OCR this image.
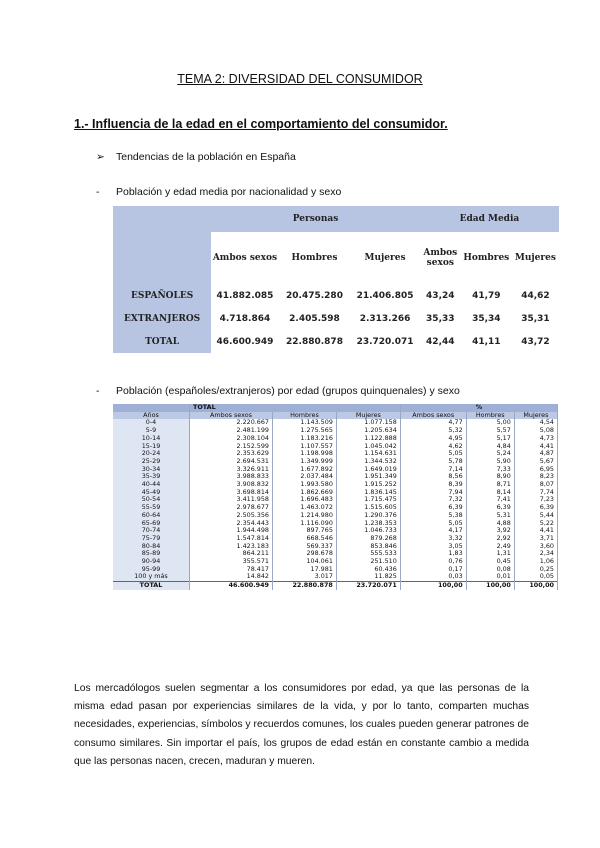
TEMA 2: DIVERSIDAD DEL CONSUMIDOR
1.- Influencia de la edad en el comportamiento del consumidor.
➢ Tendencias de la población en España
- Población y edad media por nacionalidad y sexo
	Personas			Edad Media		
	Ambos sexos	Hombres	Mujeres	Ambos sexos	Hombres	Mujeres
ESPAÑOLES	41.882.085	20.475.280	21.406.805	43,24	41,79	44,62
EXTRANJEROS	4.718.864	2.405.598	2.313.266	35,33	35,34	35,31
TOTAL	46.600.949	22.880.878	23.720.071	42,44	41,11	43,72
- Población (españoles/extranjeros) por edad (grupos quinquenales) y sexo
	TOTAL			%		
Años	Ambos sexos	Hombres	Mujeres	Ambos sexos	Hombres	Mujeres
0-4	2.220.667	1.143.509	1.077.158	4,77	5,00	4,54
5-9	2.481.199	1.275.565	1.205.634	5,32	5,57	5,08
10-14	2.308.104	1.183.216	1.122.888	4,95	5,17	4,73
15-19	2.152.599	1.107.557	1.045.042	4,62	4,84	4,41
20-24	2.353.629	1.198.998	1.154.631	5,05	5,24	4,87
25-29	2.694.531	1.349.999	1.344.532	5,78	5,90	5,67
30-34	3.326.911	1.677.892	1.649.019	7,14	7,33	6,95
35-39	3.988.833	2.037.484	1.951.349	8,56	8,90	8,23
40-44	3.908.832	1.993.580	1.915.252	8,39	8,71	8,07
45-49	3.698.814	1.862.669	1.836.145	7,94	8,14	7,74
50-54	3.411.958	1.696.483	1.715.475	7,32	7,41	7,23
55-59	2.978.677	1.463.072	1.515.605	6,39	6,39	6,39
60-64	2.505.356	1.214.980	1.290.376	5,38	5,31	5,44
65-69	2.354.443	1.116.090	1.238.353	5,05	4,88	5,22
70-74	1.944.498	897.765	1.046.733	4,17	3,92	4,41
75-79	1.547.814	668.546	879.268	3,32	2,92	3,71
80-84	1.423.183	569.337	853.846	3,05	2,49	3,60
85-89	864.211	298.678	555.533	1,83	1,31	2,34
90-94	355.571	104.061	251.510	0,76	0,45	1,06
95-99	78.417	17.981	60.436	0,17	0,08	0,25
100 y más	14.842	3.017	11.825	0,03	0,01	0,05
TOTAL	46.600.949	22.880.878	23.720.071	100,00	100,00	100,00
Los mercadólogos suelen segmentar a los consumidores por edad, ya que las personas de la misma edad pasan por experiencias similares de la vida, y por lo tanto, comparten muchas necesidades, experiencias, símbolos y recuerdos comunes, los cuales pueden generar patrones de consumo similares. Sin importar el país, los grupos de edad están en constante cambio a medida que las personas nacen, crecen, maduran y mueren.
